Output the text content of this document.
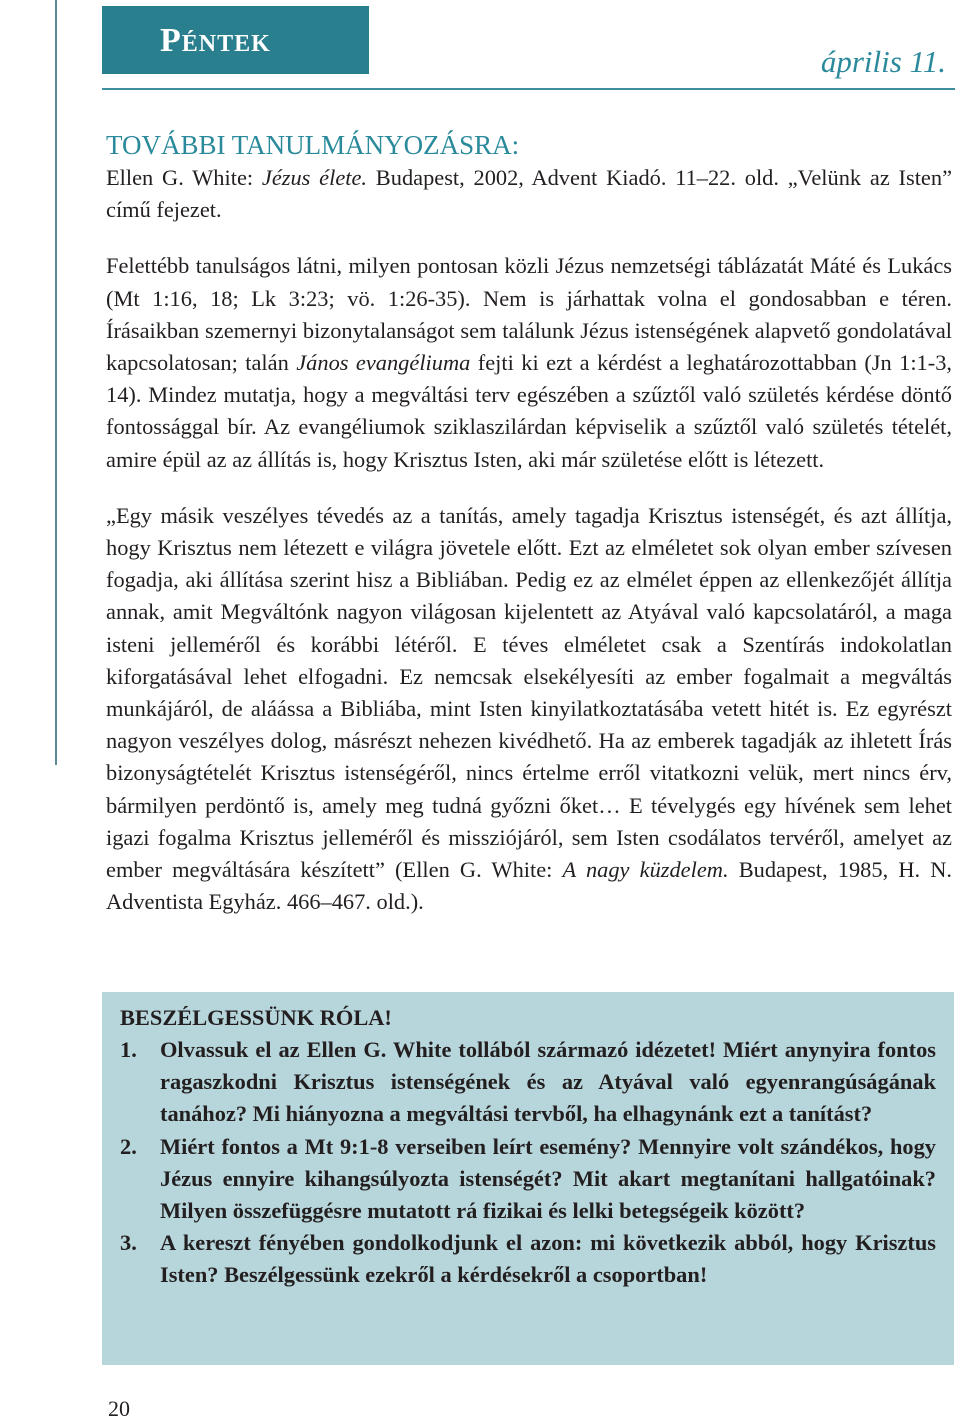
Péntek
április 11.
TOVÁBBI TANULMÁNYOZÁSRA:

Ellen G. White: Jézus élete. Budapest, 2002, Advent Kiadó. 11–22. old. „Velünk az Isten” című fejezet.

Felettébb tanulságos látni, milyen pontosan közli Jézus nemzetségi táblázatát Máté és Lukács (Mt 1:16, 18; Lk 3:23; vö. 1:26-35). Nem is járhattak volna el gondosabban e téren. Írásaikban szemernyi bizonytalanságot sem találunk Jézus istenségének alapvető gondolatával kapcsolatosan; talán János evangéliuma fejti ki ezt a kérdést a leghatározottabban (Jn 1:1-3, 14). Mindez mutatja, hogy a megváltási terv egészében a szűztől való születés kérdése döntő fontossággal bír. Az evangéliumok sziklaszilárdan képviselik a szűztől való születés tételét, amire épül az az állítás is, hogy Krisztus Isten, aki már születése előtt is létezett.

„Egy másik veszélyes tévedés az a tanítás, amely tagadja Krisztus istenségét, és azt állítja, hogy Krisztus nem létezett e világra jövetele előtt. Ezt az elméletet sok olyan ember szívesen fogadja, aki állítása szerint hisz a Bibliában. Pedig ez az elmélet éppen az ellenkezőjét állítja annak, amit Megváltónk nagyon világosan kijelentett az Atyával való kapcsolatáról, a maga isteni jelleméről és korábbi létéről. E téves elméletet csak a Szentírás indokolatlan kiforgatásával lehet elfogadni. Ez nemcsak elsekélyesíti az ember fogalmait a megváltás munkájáról, de aláássa a Bibliába, mint Isten kinyilatkoztatásába vetett hitét is. Ez egyrészt nagyon veszélyes dolog, másrészt nehezen kivédhető. Ha az emberek tagadják az ihletett Írás bizonyságtételét Krisztus istenségéről, nincs értelme erről vitatkozni velük, mert nincs érv, bármilyen perdöntő is, amely meg tudná győzni őket… E tévelygés egy hívének sem lehet igazi fogalma Krisztus jelleméről és missziójáról, sem Isten csodálatos tervéről, amelyet az ember megváltására készített” (Ellen G. White: A nagy küzdelem. Budapest, 1985, H. N. Adventista Egyház. 466–467. old.).

BESZÉLGESSÜNK RÓLA!
1.	Olvassuk el az Ellen G. White tollából származó idézetet! Miért anynyira fontos ragaszkodni Krisztus istenségének és az Atyával való egyenrangúságának tanához? Mi hiányozna a megváltási tervből, ha elhagynánk ezt a tanítást?
2.	Miért fontos a Mt 9:1-8 verseiben leírt esemény? Mennyire volt szándékos, hogy Jézus ennyire kihangsúlyozta istenségét? Mit akart megtanítani hallgatóinak? Milyen összefüggésre mutatott rá fizikai és lelki betegségeik között?
3.	A kereszt fényében gondolkodjunk el azon: mi következik abból, hogy Krisztus Isten? Beszélgessünk ezekről a kérdésekről a csoportban!
20
